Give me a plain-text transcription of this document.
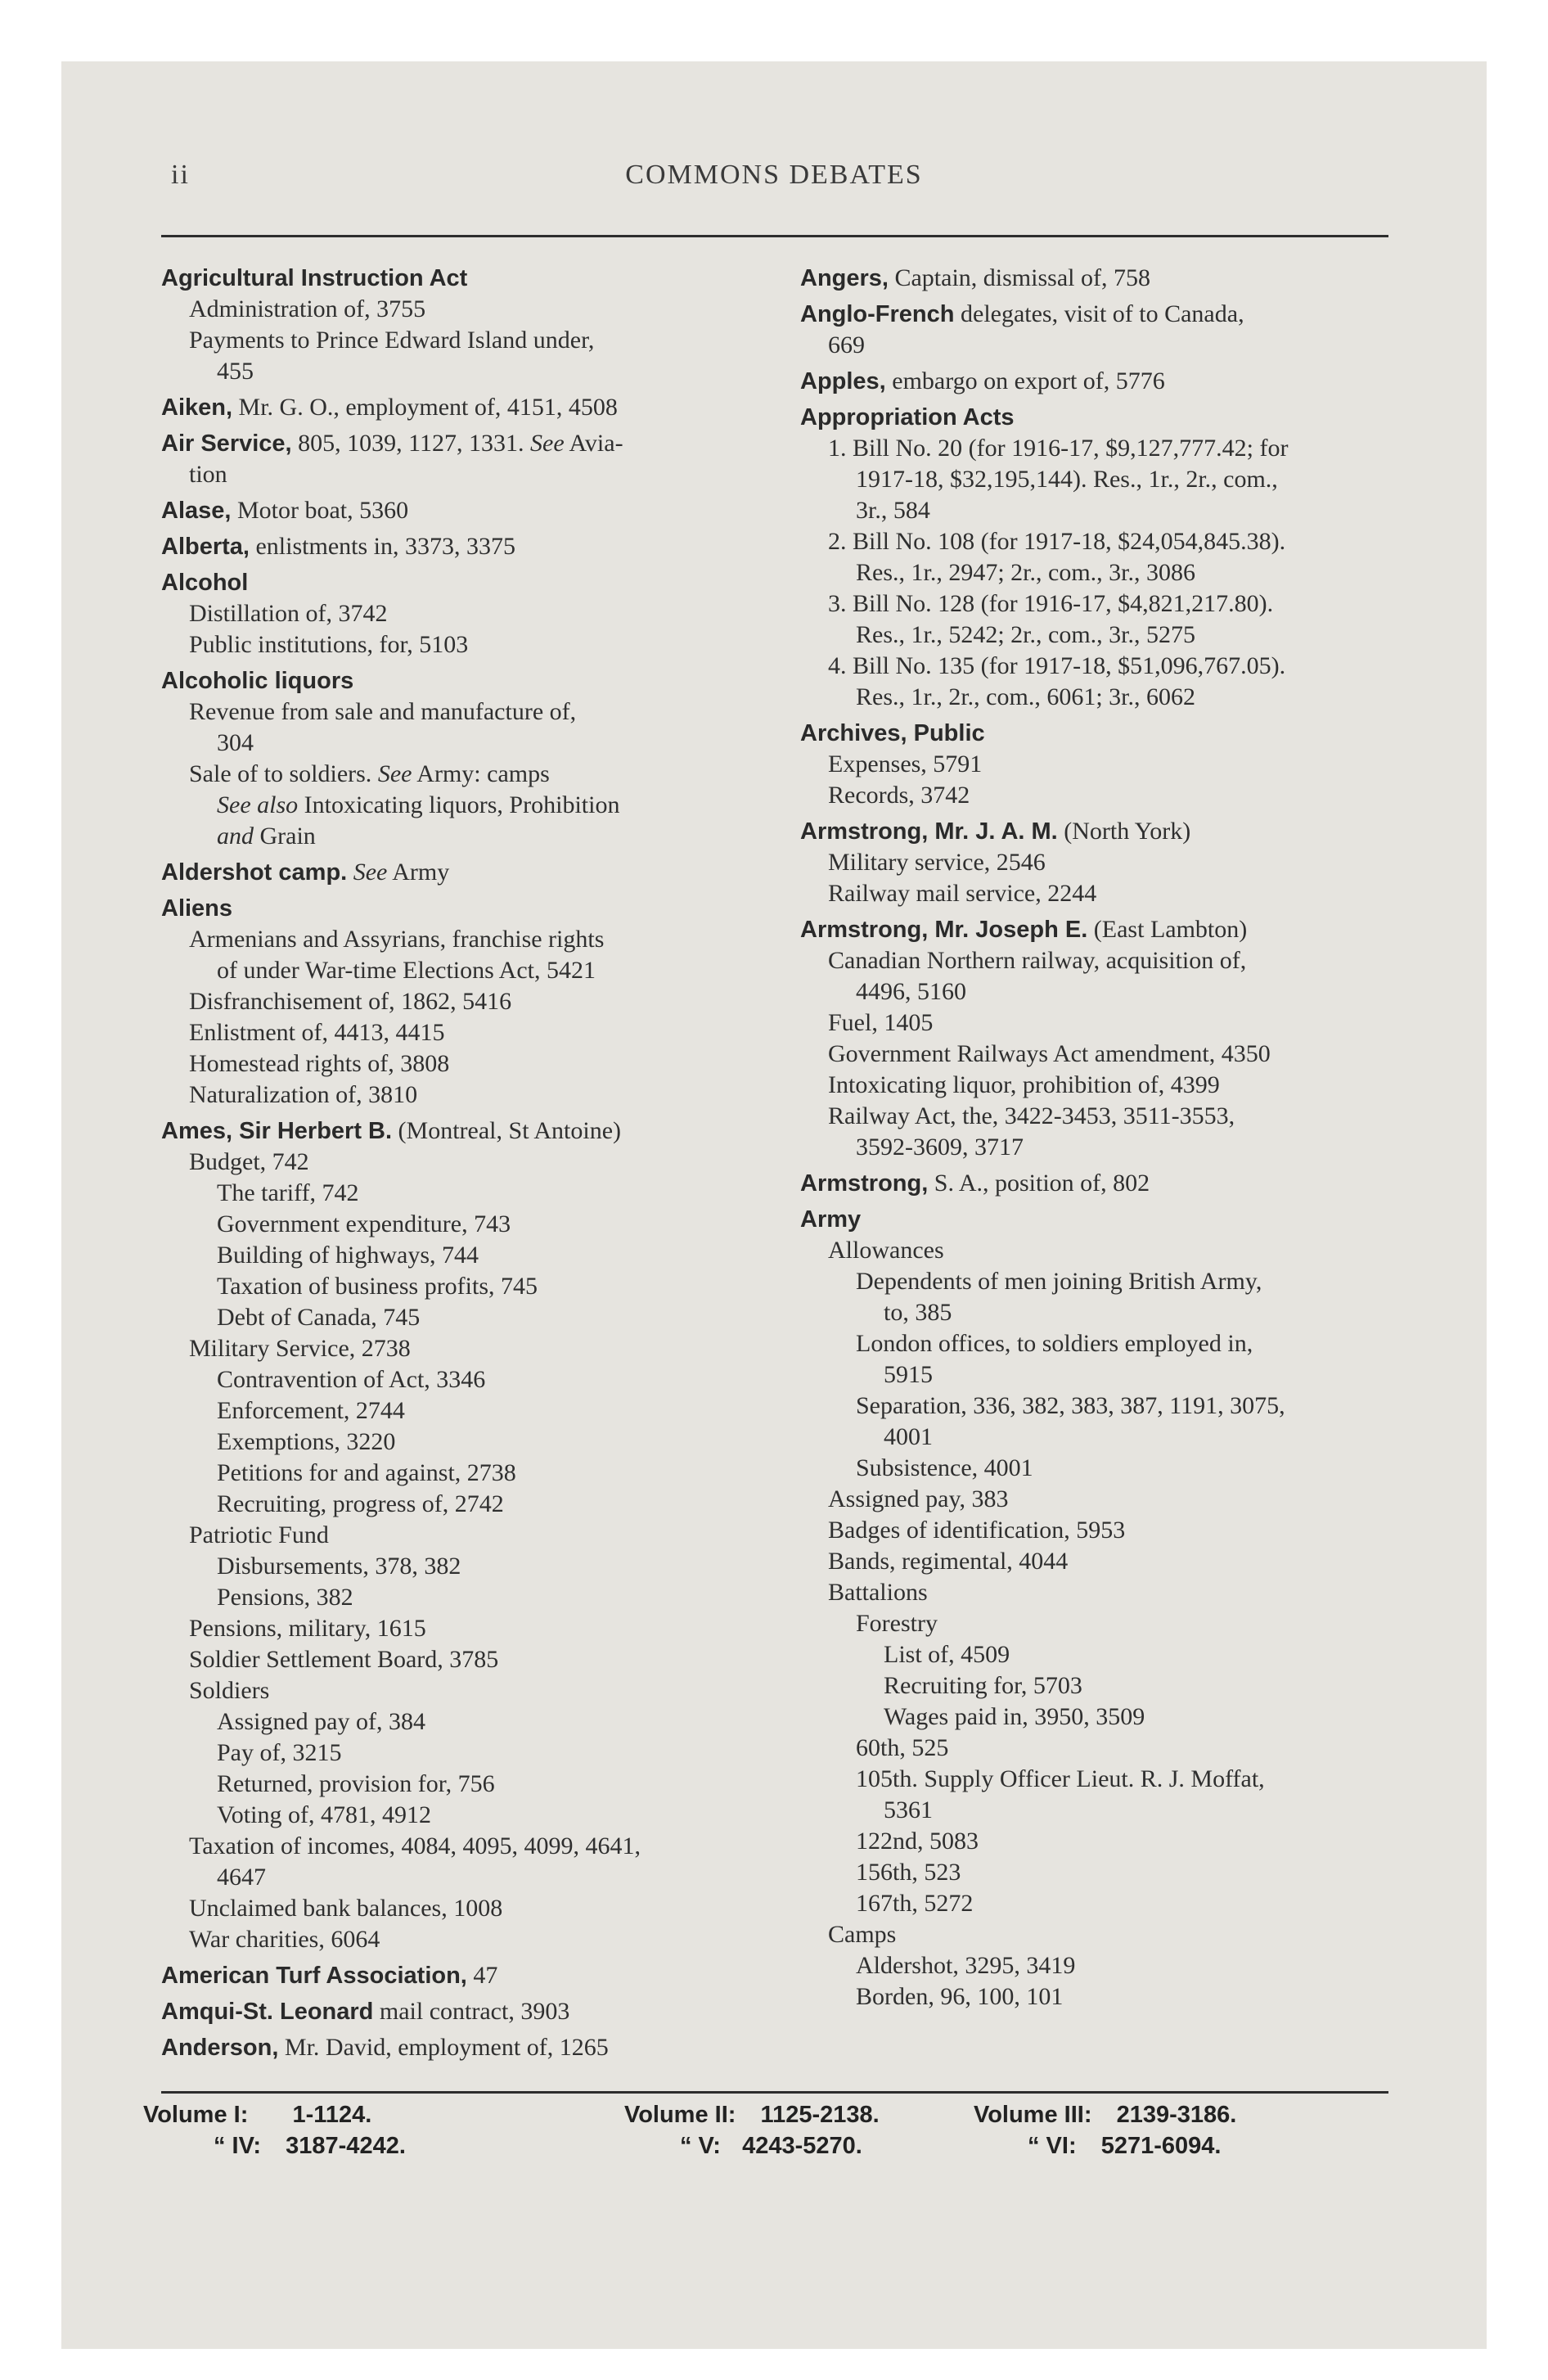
ii	COMMONS DEBATES
Agricultural Instruction Act
Administration of, 3755
Payments to Prince Edward Island under,
455
Aiken, Mr. G. O., employment of, 4151, 4508
Air Service, 805, 1039, 1127, 1331. See Avia-
tion
Alase, Motor boat, 5360
Alberta, enlistments in, 3373, 3375
Alcohol
Distillation of, 3742
Public institutions, for, 5103
Alcoholic liquors
Revenue from sale and manufacture of,
304
Sale of to soldiers. See Army: camps
See also Intoxicating liquors, Prohibition
and Grain
Aldershot camp. See Army
Aliens
Armenians and Assyrians, franchise rights
of under War-time Elections Act, 5421
Disfranchisement of, 1862, 5416
Enlistment of, 4413, 4415
Homestead rights of, 3808
Naturalization of, 3810
Ames, Sir Herbert B. (Montreal, St Antoine)
Budget, 742
The tariff, 742
Government expenditure, 743
Building of highways, 744
Taxation of business profits, 745
Debt of Canada, 745
Military Service, 2738
Contravention of Act, 3346
Enforcement, 2744
Exemptions, 3220
Petitions for and against, 2738
Recruiting, progress of, 2742
Patriotic Fund
Disbursements, 378, 382
Pensions, 382
Pensions, military, 1615
Soldier Settlement Board, 3785
Soldiers
Assigned pay of, 384
Pay of, 3215
Returned, provision for, 756
Voting of, 4781, 4912
Taxation of incomes, 4084, 4095, 4099, 4641,
4647
Unclaimed bank balances, 1008
War charities, 6064
American Turf Association, 47
Amqui-St. Leonard mail contract, 3903
Anderson, Mr. David, employment of, 1265
Angers, Captain, dismissal of, 758
Anglo-French delegates, visit of to Canada,
669
Apples, embargo on export of, 5776
Appropriation Acts
1. Bill No. 20 (for 1916-17, $9,127,777.42; for
1917-18, $32,195,144). Res., 1r., 2r., com.,
3r., 584
2. Bill No. 108 (for 1917-18, $24,054,845.38).
Res., 1r., 2947; 2r., com., 3r., 3086
3. Bill No. 128 (for 1916-17, $4,821,217.80).
Res., 1r., 5242; 2r., com., 3r., 5275
4. Bill No. 135 (for 1917-18, $51,096,767.05).
Res., 1r., 2r., com., 6061; 3r., 6062
Archives, Public
Expenses, 5791
Records, 3742
Armstrong, Mr. J. A. M. (North York)
Military service, 2546
Railway mail service, 2244
Armstrong, Mr. Joseph E. (East Lambton)
Canadian Northern railway, acquisition of,
4496, 5160
Fuel, 1405
Government Railways Act amendment, 4350
Intoxicating liquor, prohibition of, 4399
Railway Act, the, 3422-3453, 3511-3553,
3592-3609, 3717
Armstrong, S. A., position of, 802
Army
Allowances
Dependents of men joining British Army,
to, 385
London offices, to soldiers employed in,
5915
Separation, 336, 382, 383, 387, 1191, 3075,
4001
Subsistence, 4001
Assigned pay, 383
Badges of identification, 5953
Bands, regimental, 4044
Battalions
Forestry
List of, 4509
Recruiting for, 5703
Wages paid in, 3950, 3509
60th, 525
105th. Supply Officer Lieut. R. J. Moffat,
5361
122nd, 5083
156th, 523
167th, 5272
Camps
Aldershot, 3295, 3419
Borden, 96, 100, 101
Volume I: 1-1124.	Volume II: 1125-2138.	Volume III: 2139-3186.
“ IV: 3187-4242.	“ V: 4243-5270.	“ VI: 5271-6094.
